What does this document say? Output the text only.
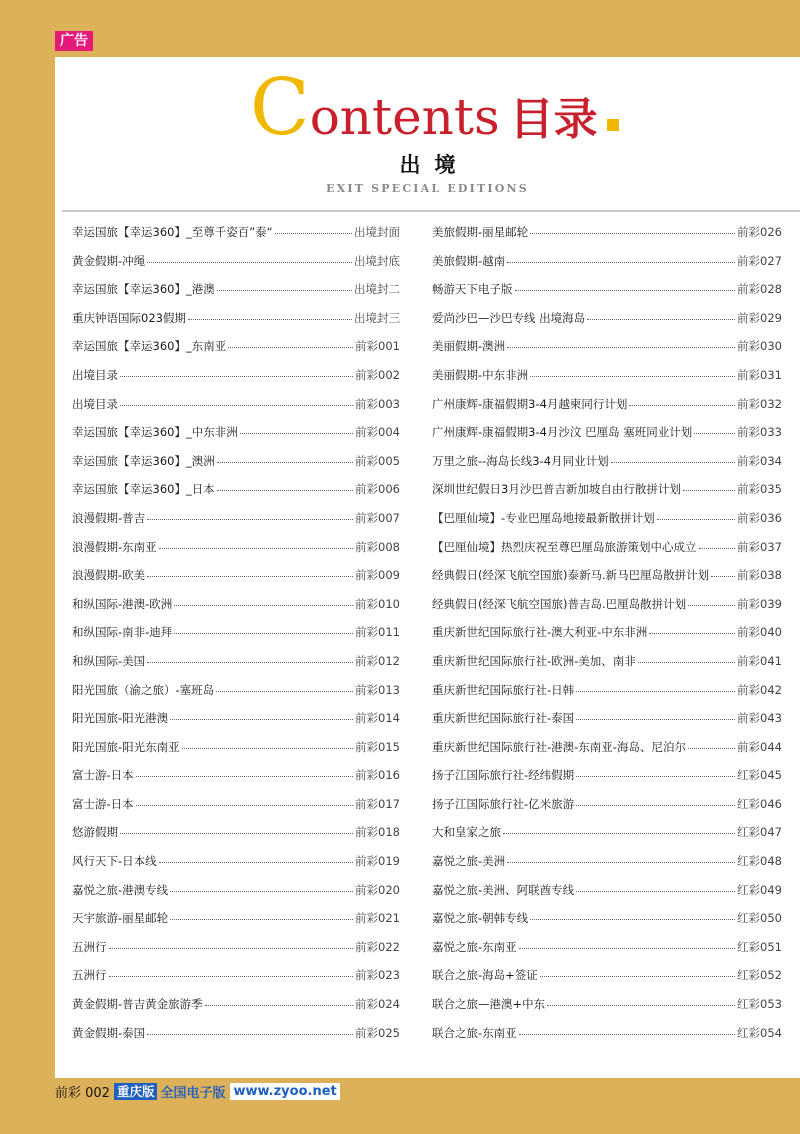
广告
Contents 目录
出境
EXIT SPECIAL EDITIONS
幸运国旅【幸运360】_至尊千姿百”泰“	出境封面
黄金假期-冲绳	出境封底
幸运国旅【幸运360】_港澳	出境封二
重庆钟语国际023假期	出境封三
幸运国旅【幸运360】_东南亚	前彩001
出境目录	前彩002
出境目录	前彩003
幸运国旅【幸运360】_中东非洲	前彩004
幸运国旅【幸运360】_澳洲	前彩005
幸运国旅【幸运360】_日本	前彩006
浪漫假期-普吉	前彩007
浪漫假期-东南亚	前彩008
浪漫假期-欧美	前彩009
和纵国际-港澳-欧洲	前彩010
和纵国际-南非-迪拜	前彩011
和纵国际-美国	前彩012
阳光国旅（渝之旅）-塞班岛	前彩013
阳光国旅-阳光港澳	前彩014
阳光国旅-阳光东南亚	前彩015
富士游-日本	前彩016
富士游-日本	前彩017
悠游假期	前彩018
风行天下-日本线	前彩019
嘉悦之旅-港澳专线	前彩020
天宇旅游-丽星邮轮	前彩021
五洲行	前彩022
五洲行	前彩023
黄金假期-普吉黄金旅游季	前彩024
黄金假期-泰国	前彩025
美旅假期-丽星邮轮	前彩026
美旅假期-越南	前彩027
畅游天下电子版	前彩028
爱尚沙巴—沙巴专线 出境海岛	前彩029
美丽假期-澳洲	前彩030
美丽假期-中东非洲	前彩031
广州康辉-康福假期3-4月越柬同行计划	前彩032
广州康辉-康福假期3-4月沙汶 巴厘岛 塞班同业计划	前彩033
万里之旅--海岛长线3-4月同业计划	前彩034
深圳世纪假日3月沙巴普吉新加坡自由行散拼计划	前彩035
【巴厘仙境】-专业巴厘岛地接最新散拼计划	前彩036
【巴厘仙境】热烈庆祝至尊巴厘岛旅游策划中心成立	前彩037
经典假日(经深飞航空国旅)泰新马.新马巴厘岛散拼计划 前彩038
经典假日(经深飞航空国旅)普吉岛.巴厘岛散拼计划	前彩039
重庆新世纪国际旅行社-澳大利亚-中东非洲	前彩040
重庆新世纪国际旅行社-欧洲-美加、南非	前彩041
重庆新世纪国际旅行社-日韩	前彩042
重庆新世纪国际旅行社-泰国	前彩043
重庆新世纪国际旅行社-港澳-东南亚-海岛、尼泊尔	前彩044
扬子江国际旅行社-经纬假期	红彩045
扬子江国际旅行社-亿米旅游	红彩046
大和皇家之旅	红彩047
嘉悦之旅-美洲	红彩048
嘉悦之旅-美洲、阿联酋专线	红彩049
嘉悦之旅-朝韩专线	红彩050
嘉悦之旅-东南亚	红彩051
联合之旅-海岛+签证	红彩052
联合之旅—港澳+中东	红彩053
联合之旅-东南亚	红彩054
前彩 002 重庆版 全国电子版 www.zyoo.net
